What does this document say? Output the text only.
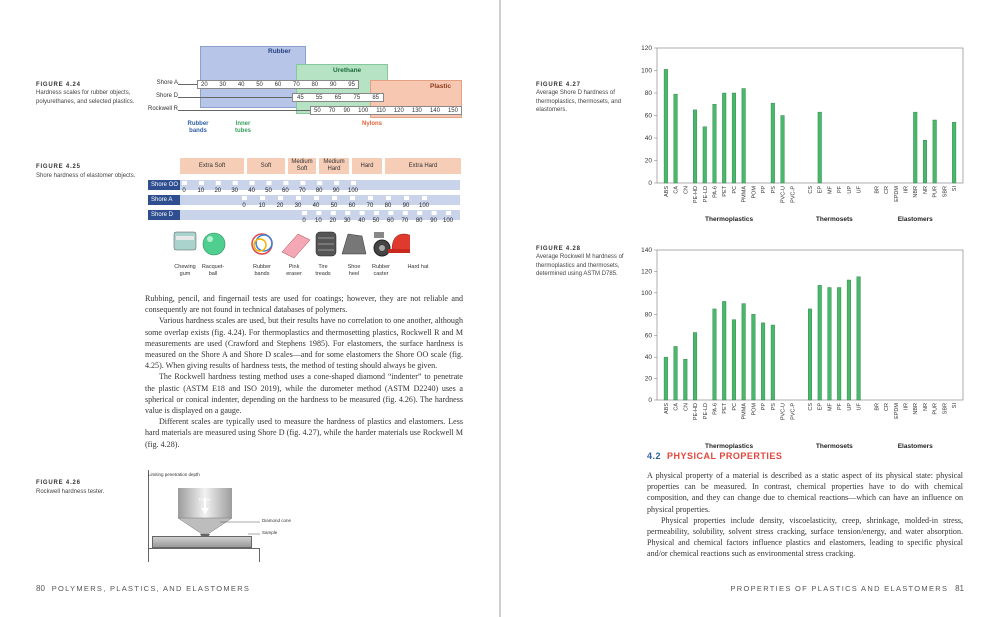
FIGURE 4.24
Hardness scales for rubber objects, polyurethanes, and selected plastics.
Rubber
Urethane
Plastic
Shore A	20 30 40 50 60 70 80 90 95
Shore D	45 55 65 75 85
Rockwell R	50 70 90 100 110 120 130 140 150
Rubber bands
Inner tubes
Nylons
FIGURE 4.25
Shore hardness of elastomer objects.
Extra Soft	Soft
Medium Soft
Medium Hard
Hard	Extra Hard
Shore OO
Shore A
Shore D
0 10 20 30 40 50 60 70 80 90 100
0 10 20 30 40 50 60 70 80 90 100
0 10 20 30 40 50 60 70 80 90 100
Chewing gum
Racquet-ball
Rubber bands
Pink eraser
Tire treads
Shoe heel
Rubber caster
Hard hat

Rubbing, pencil, and fingernail tests are used for coatings; however, they are not reliable and consequently are not found in technical databases of polymers.

Various hardness scales are used, but their results have no correlation to one another, although some overlap exists (fig. 4.24). For thermoplastics and thermosetting plastics, Rockwell R and M measurements are used (Crawford and Stephens 1985). For elastomers, the surface hardness is measured on the Shore A and Shore D scales—and for some elastomers the Shore OO scale (fig. 4.25). When giving results of hardness tests, the method of testing should always be given.

The Rockwell hardness testing method uses a cone-shaped diamond “indenter” to penetrate the plastic (ASTM E18 and ISO 2019), while the durometer method (ASTM D2240) uses a spherical or conical indenter, depending on the hardness to be measured (fig. 4.26). The hardness value is displayed on a gauge.

Different scales are typically used to measure the hardness of plastics and elastomers. Less hard materials are measured using Shore D (fig. 4.27), while the harder materials use Rockwell M (fig. 4.28).

FIGURE 4.26
Rockwell hardness tester.
Limiting penetration depth
Force
Diamond cone
Sample
80 POLYMERS, PLASTICS, AND ELASTOMERS
FIGURE 4.27
Average Shore D hardness of thermoplastics, thermosets, and elastomers.
0
20
40
60
80
100
120
ABS CA CN PE-HD PE-LD PA-6 PET PC PMMA POM PP PS PVC-U PVC-P CS EP MF PF UP UF BR CR EPDM IIR NBR NR PUR SBR SI
Thermoplastics	Thermosets	Elastomers
FIGURE 4.28
Average Rockwell M hardness of thermoplastics and thermosets, determined using ASTM D785.
0
20
40
60
80
100
120
140
ABS CA CN PE-HD PE-LD PA-6 PET PC PMMA POM PP PS PVC-U PVC-P CS EP MF PF UP UF BR CR EPDM IIR NBR NR PUR SBR SI
Thermoplastics	Thermosets	Elastomers
4.2 PHYSICAL PROPERTIES

A physical property of a material is described as a static aspect of its physical state: physical properties can be measured. In contrast, chemical properties have to do with chemical composition, and they can change due to chemical reactions—which can have an influence on physical properties.

Physical properties include density, viscoelasticity, creep, shrinkage, molded-in stress, permeability, solubility, solvent stress cracking, surface tension/energy, and water absorption. Physical and chemical factors influence plastics and elastomers, leading to specific physical and/or chemical reactions such as environmental stress cracking.

PROPERTIES OF PLASTICS AND ELASTOMERS 81
